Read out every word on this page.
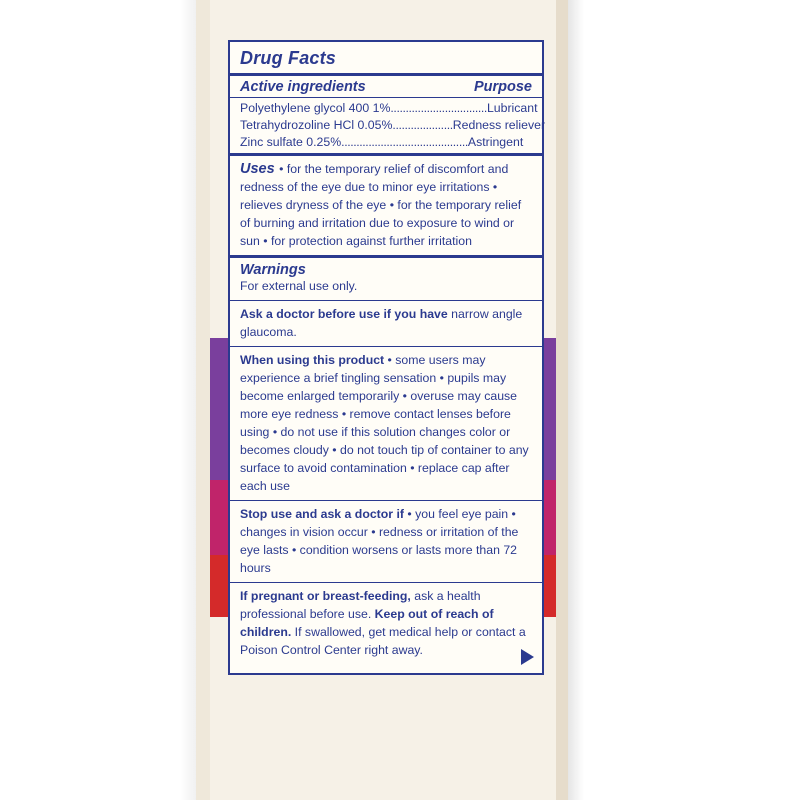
Drug Facts
Active ingredients	Purpose
Polyethylene glycol 400 1%................................Lubricant
Tetrahydrozoline HCl 0.05%....................Redness reliever
Zinc sulfate 0.25%..........................................Astringent
Uses • for the temporary relief of discomfort and redness of the eye due to minor eye irritations • relieves dryness of the eye • for the temporary relief of burning and irritation due to exposure to wind or sun • for protection against further irritation
Warnings
For external use only.
Ask a doctor before use if you have narrow angle glaucoma.
When using this product • some users may experience a brief tingling sensation • pupils may become enlarged temporarily • overuse may cause more eye redness • remove contact lenses before using • do not use if this solution changes color or becomes cloudy • do not touch tip of container to any surface to avoid contamination • replace cap after each use
Stop use and ask a doctor if • you feel eye pain • changes in vision occur • redness or irritation of the eye lasts • condition worsens or lasts more than 72 hours
If pregnant or breast-feeding, ask a health professional before use. Keep out of reach of children. If swallowed, get medical help or contact a Poison Control Center right away.
